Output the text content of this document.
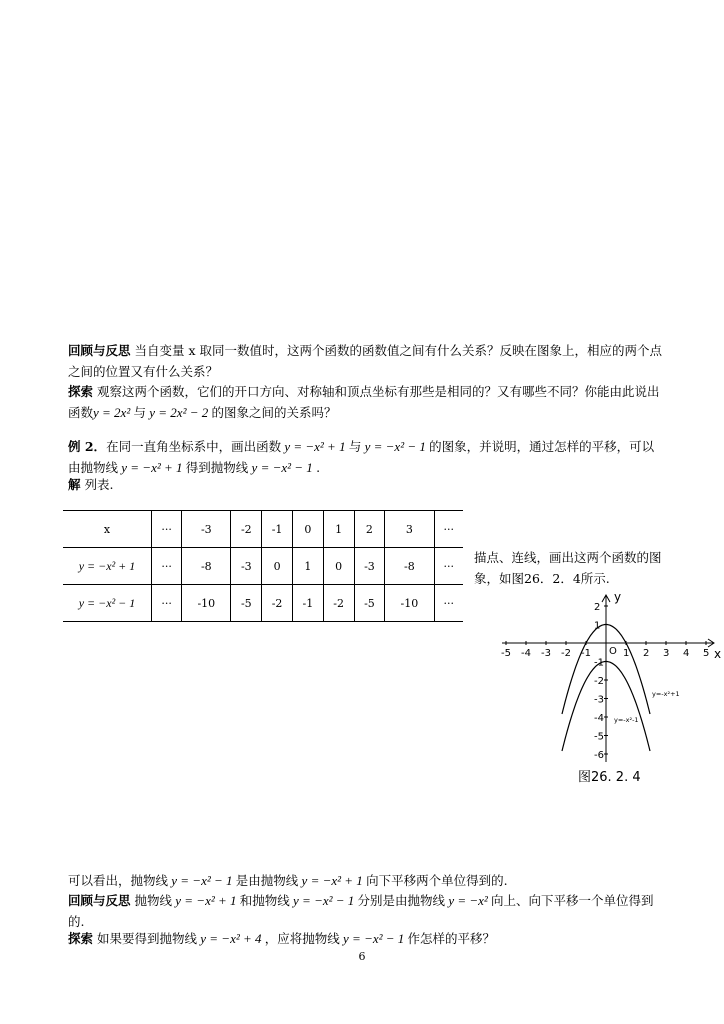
回顾与反思 当自变量 x 取同一数值时，这两个函数的函数值之间有什么关系？反映在图象上，相应的两个点之间的位置又有什么关系？

探索 观察这两个函数，它们的开口方向、对称轴和顶点坐标有那些是相同的？又有哪些不同？你能由此说出函数y = 2x² 与 y = 2x² − 2 的图象之间的关系吗？

例 2．在同一直角坐标系中，画出函数 y = −x² + 1 与 y = −x² − 1 的图象，并说明，通过怎样的平移，可以由抛物线 y = −x² + 1 得到抛物线 y = −x² − 1 .

解 列表.

x	···	-3	-2	-1	0	1	2	3	···
y = −x² + 1	···	-8	-3	0	1	0	-3	-8	···
y = −x² − 1	···	-10	-5	-2	-1	-2	-5	-10	···
描点、连线，画出这两个函数的图象，如图26．2．4所示.
y
x
O
-5 -4 -3 -2 -1	1 2 3 4 5
2
1
-1
-2
-3
-4
-5
-6
y=-x²+1
y=-x²-1
图26. 2. 4

可以看出，抛物线 y = −x² − 1 是由抛物线 y = −x² + 1 向下平移两个单位得到的.

回顾与反思 抛物线 y = −x² + 1 和抛物线 y = −x² − 1 分别是由抛物线 y = −x² 向上、向下平移一个单位得到的.

探索 如果要得到抛物线 y = −x² + 4 ，应将抛物线 y = −x² − 1 作怎样的平移？

6
